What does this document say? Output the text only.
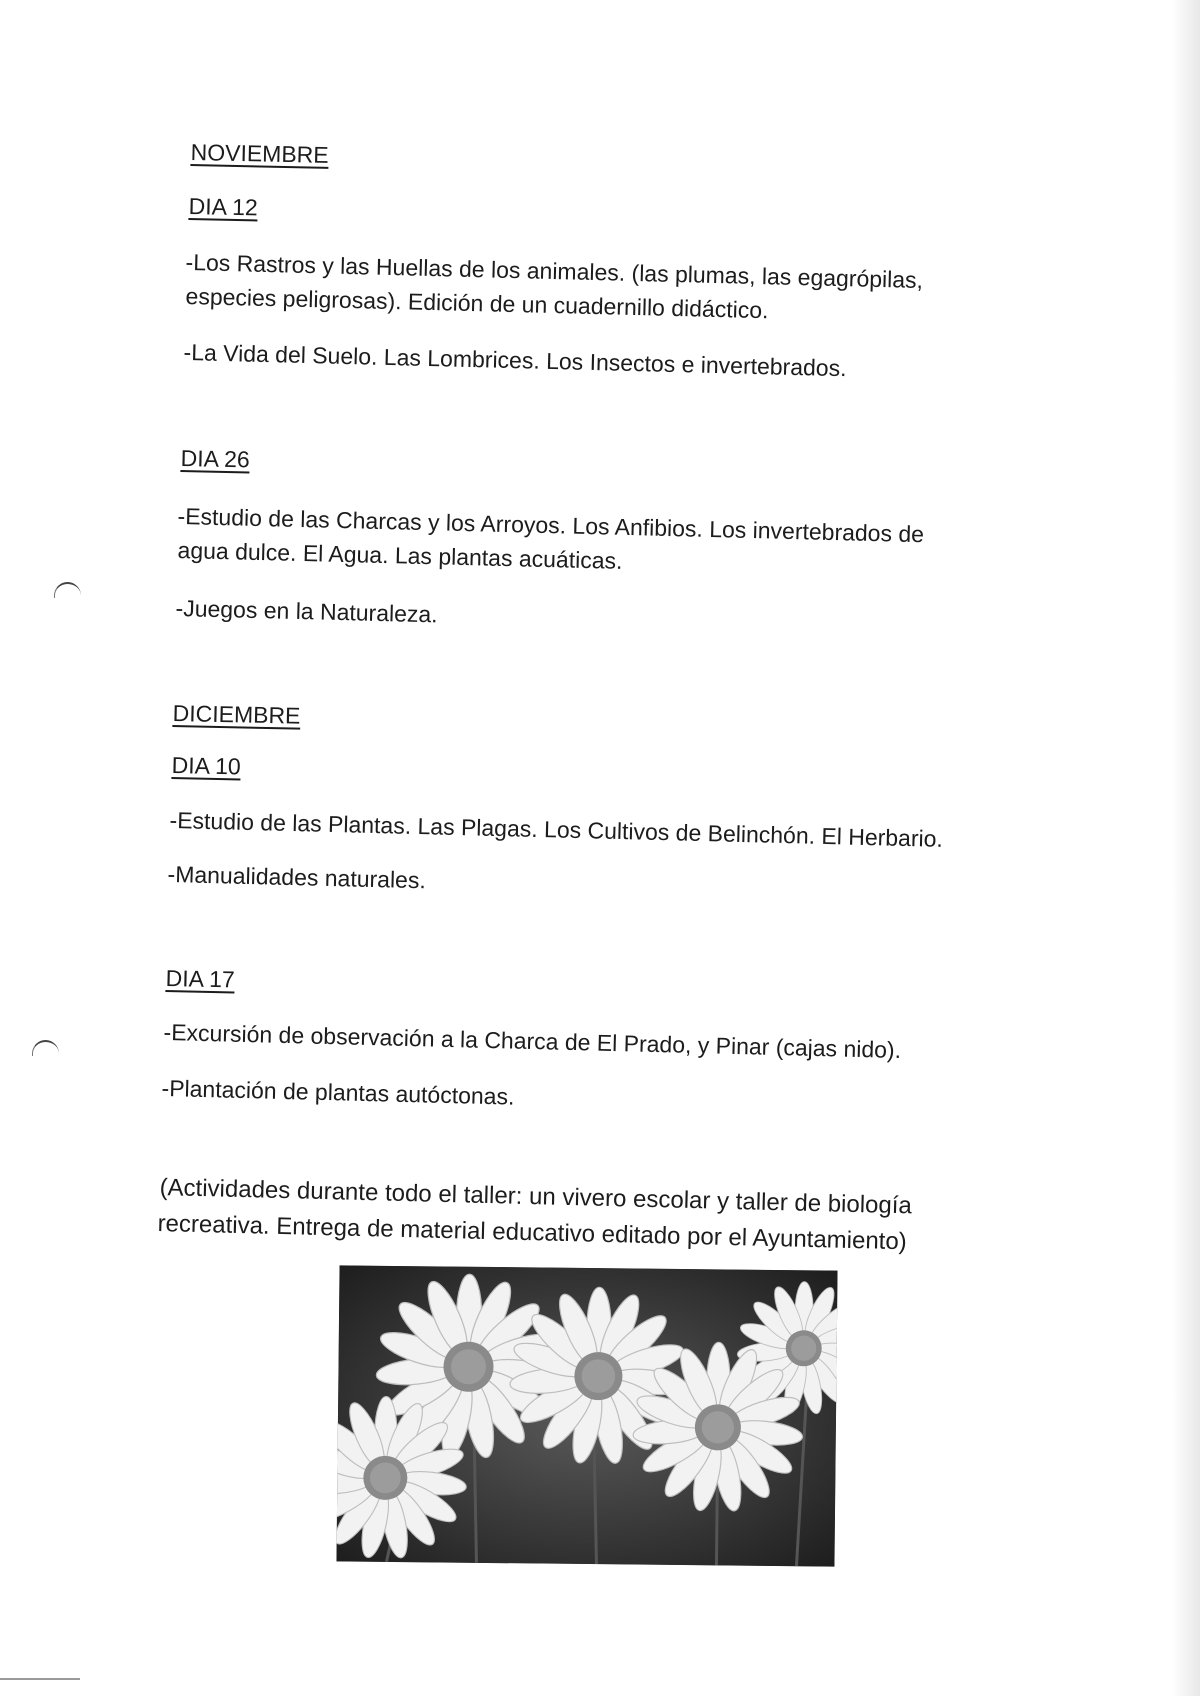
NOVIEMBRE
DIA 12
-Los Rastros y las Huellas de los animales. (las plumas, las egagrópilas,
especies peligrosas). Edición de un cuadernillo didáctico.
-La Vida del Suelo. Las Lombrices. Los Insectos e invertebrados.
DIA 26
-Estudio de las Charcas y los Arroyos. Los Anfibios. Los invertebrados de
agua dulce. El Agua. Las plantas acuáticas.
-Juegos en la Naturaleza.
DICIEMBRE
DIA 10
-Estudio de las Plantas. Las Plagas. Los Cultivos de Belinchón. El Herbario.
-Manualidades naturales.
DIA 17
-Excursión de observación a la Charca de El Prado, y Pinar (cajas nido).
-Plantación de plantas autóctonas.
(Actividades durante todo el taller: un vivero escolar y taller de biología
recreativa. Entrega de material educativo editado por el Ayuntamiento)
